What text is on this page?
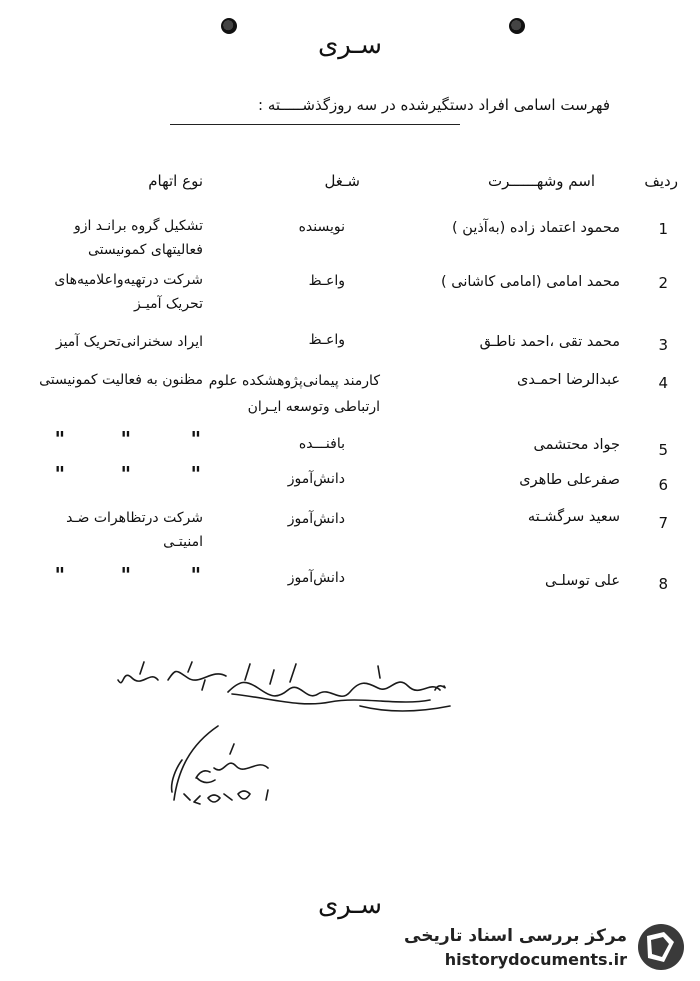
سـرى
فهرست اسامی افراد دستگیرشده در سه روزگذشـــــته :
ردیف
اسم وشهــــــرت
شـغل
نوع اتهام
1
محمود اعتماد زاده (به‌آذین )
نویسنده
تشکیل گروه برانـد ازو فعالیتهای کمونیستی
2
محمد امامی (امامی کاشانی )
واعـظ
شرکت درتهیه‌واعلامیه‌های تحریک آمیـز
3
محمد تقی ،احمد ناطـق
واعـظ
ایراد سخنرانی‌تحریک آمیز
4
عبدالرضا احمـدی
کارمند پیمانی‌پژوهشکده علوم ارتباطی وتوسعه ایـران
مظنون به فعالیت کمونیستی
5
جواد محتشمی
بافنـــده
"
"
"
6
صفرعلی طاهری
دانش‌آموز
"
"
"
7
سعید سرگشـته
دانش‌آموز
شرکت درتظاهرات ضـد امنیتـی
8
علی توسلـی
دانش‌آموز
"
"
"
سـرى
مرکز بررسی اسناد تاریخی
historydocuments.ir
